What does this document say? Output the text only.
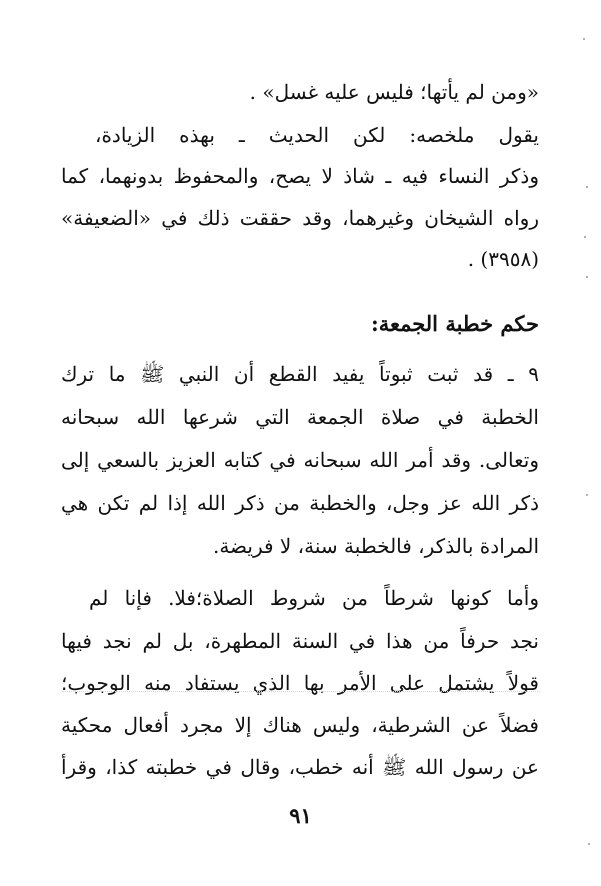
«ومن لم يأتها؛ فليس عليه غسل» .
يقول ملخصه: لكن الحديث ـ بهذه الزيادة،
وذكر النساء فيه ـ شاذ لا يصح، والمحفوظ بدونهما، كما
رواه الشيخان وغيرهما، وقد حققت ذلك في «الضعيفة»
(٣٩٥٨) .
حكم خطبة الجمعة:
٩ ـ قد ثبت ثبوتاً يفيد القطع أن النبي ﷺ ما ترك
الخطبة في صلاة الجمعة التي شرعها الله سبحانه
وتعالى. وقد أمر الله سبحانه في كتابه العزيز بالسعي إلى
ذكر الله عز وجل، والخطبة من ذكر الله إذا لم تكن هي
المرادة بالذكر، فالخطبة سنة، لا فريضة.
وأما كونها شرطاً من شروط الصلاة؛فلا. فإنا لم
نجد حرفاً من هذا في السنة المطهرة، بل لم نجد فيها
قولاً يشتمل على الأمر بها الذي يستفاد منه الوجوب؛
فضلاً عن الشرطية، وليس هناك إلا مجرد أفعال محكية
عن رسول الله ﷺ أنه خطب، وقال في خطبته كذا، وقرأ
٩١
